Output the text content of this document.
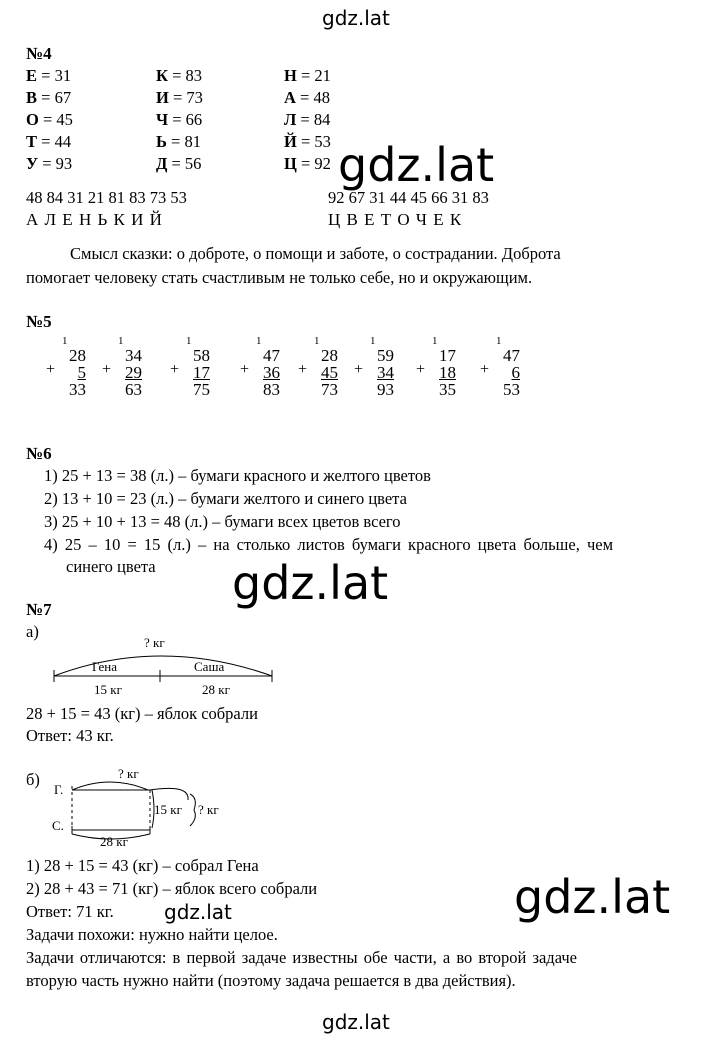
gdz.lat
№4
Е = 31	К = 83	Н = 21
В = 67	И = 73	А = 48
О = 45	Ч = 66	Л = 84
Т = 44	Ь = 81	Й = 53
У = 93	Д = 56	Ц = 92 gdz.lat
48 84 31 21 81 83 73 53
А Л Е Н Ь К И Й
92 67 31 44 45 66 31 83
Ц В Е Т О Ч Е К
Смысл сказки: о доброте, о помощи и заботе, о сострадании. Доброта
помогает человеку стать счастливым не только себе, но и окружающим.
№5
1
28
5
33
+
1
34
29
63
+
1
58
17
75
+
1
47
36
83
+
1
28
45
73
+
1
59
34
93
+
1
17
18
35
+
1
47
6
53
+
№6
1) 25 + 13 = 38 (л.) – бумаги красного и желтого цветов
2) 13 + 10 = 23 (л.) – бумаги желтого и синего цвета
3) 25 + 10 + 13 = 48 (л.) – бумаги всех цветов всего
4) 25 – 10 = 15 (л.) – на столько листов бумаги красного цвета больше, чем
синего цвета gdz.lat
№7
а)
? кг
Гена	Саша
15 кг	28 кг
28 + 15 = 43 (кг) – яблок собрали
Ответ: 43 кг.
б)
Г.
С.
? кг
15 кг ? кг
28 кг
1) 28 + 15 = 43 (кг) – собрал Гена
2) 28 + 43 = 71 (кг) – яблок всего собрали
Ответ: 71 кг.	gdz.lat
Задачи похожи: нужно найти целое.
Задачи отличаются: в первой задаче известны обе части, а во второй задаче
вторую часть нужно найти (поэтому задача решается в два действия).
gdz.lat
gdz.lat
